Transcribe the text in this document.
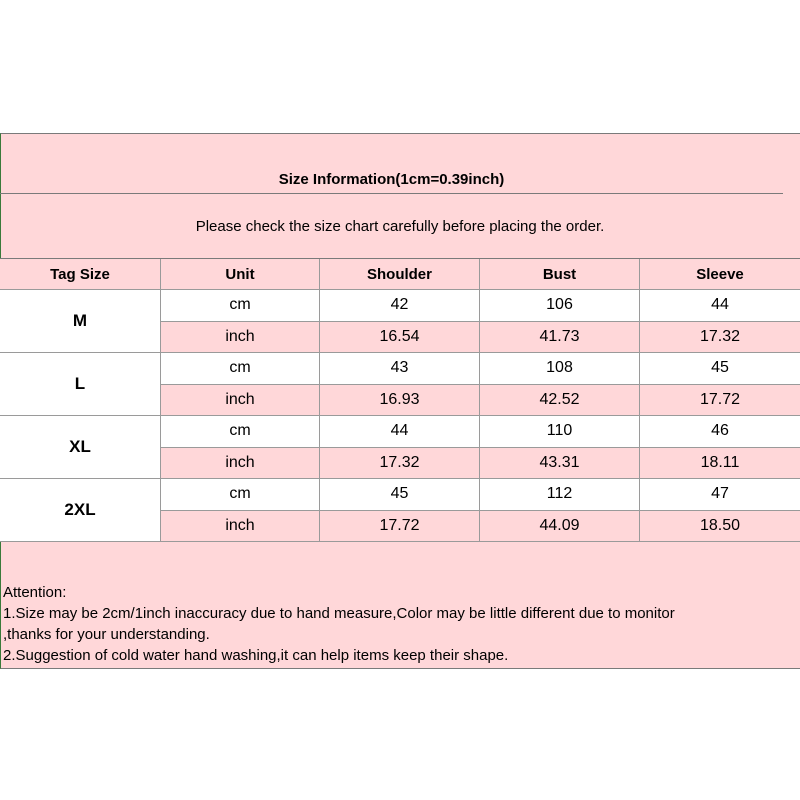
Size Information(1cm=0.39inch)
Please check the size chart carefully before placing the order.
Tag Size	Unit	Shoulder	Bust	Sleeve
M
cm	42	106	44
inch	16.54	41.73	17.32
L
cm	43	108	45
inch	16.93	42.52	17.72
XL
cm	44	110	46
inch	17.32	43.31	18.11
2XL
cm	45	112	47
inch	17.72	44.09	18.50
Attention:
1.Size may be 2cm/1inch inaccuracy due to hand measure,Color may be little different due to monitor
,thanks for your understanding.
2.Suggestion of cold water hand washing,it can help items keep their shape.
